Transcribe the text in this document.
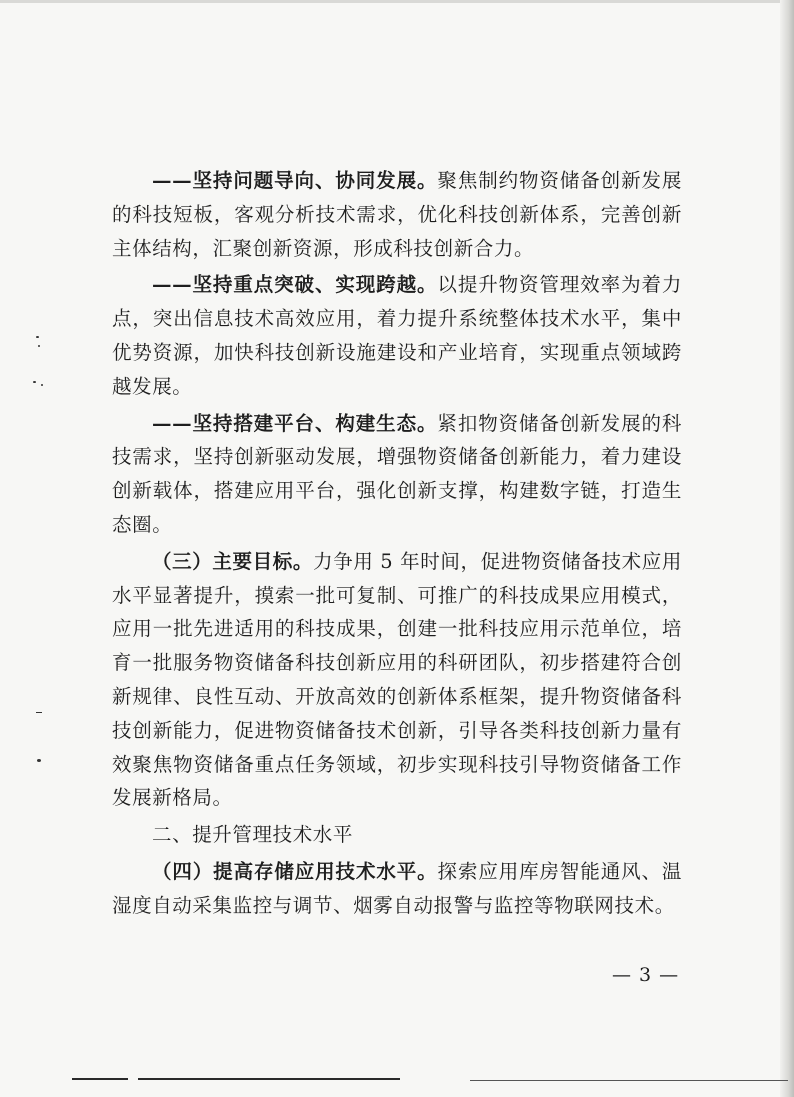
——坚持问题导向、协同发展。聚焦制约物资储备创新发展的科技短板，客观分析技术需求，优化科技创新体系，完善创新主体结构，汇聚创新资源，形成科技创新合力。

——坚持重点突破、实现跨越。以提升物资管理效率为着力点，突出信息技术高效应用，着力提升系统整体技术水平，集中优势资源，加快科技创新设施建设和产业培育，实现重点领域跨越发展。

——坚持搭建平台、构建生态。紧扣物资储备创新发展的科技需求，坚持创新驱动发展，增强物资储备创新能力，着力建设创新载体，搭建应用平台，强化创新支撑，构建数字链，打造生态圈。

（三）主要目标。力争用 5 年时间，促进物资储备技术应用水平显著提升，摸索一批可复制、可推广的科技成果应用模式，应用一批先进适用的科技成果，创建一批科技应用示范单位，培育一批服务物资储备科技创新应用的科研团队，初步搭建符合创新规律、良性互动、开放高效的创新体系框架，提升物资储备科技创新能力，促进物资储备技术创新，引导各类科技创新力量有效聚焦物资储备重点任务领域，初步实现科技引导物资储备工作发展新格局。

二、提升管理技术水平

（四）提高存储应用技术水平。探索应用库房智能通风、温湿度自动采集监控与调节、烟雾自动报警与监控等物联网技术。

— 3 —
